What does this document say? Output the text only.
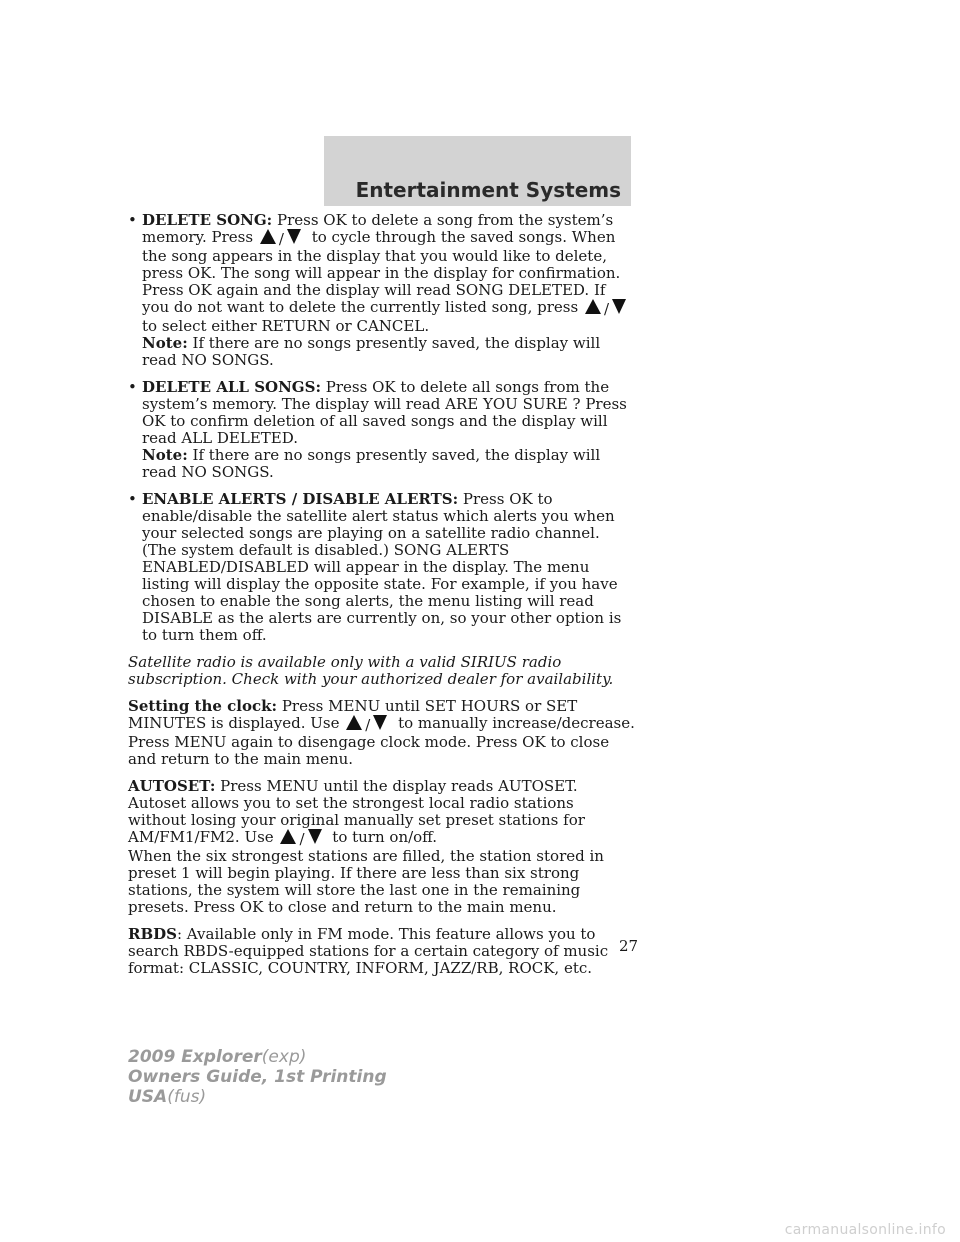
Entertainment Systems
• DELETE SONG: Press OK to delete a song from the system’s memory. Press / to cycle through the saved songs. When the song appears in the display that you would like to delete, press OK. The song will appear in the display for confirmation. Press OK again and the display will read SONG DELETED. If you do not want to delete the currently listed song, press / to select either RETURN or CANCEL.
Note: If there are no songs presently saved, the display will read NO SONGS.
• DELETE ALL SONGS: Press OK to delete all songs from the system’s memory. The display will read ARE YOU SURE ? Press OK to confirm deletion of all saved songs and the display will read ALL DELETED.
Note: If there are no songs presently saved, the display will read NO SONGS.
• ENABLE ALERTS / DISABLE ALERTS: Press OK to enable/disable the satellite alert status which alerts you when your selected songs are playing on a satellite radio channel. (The system default is disabled.) SONG ALERTS ENABLED/DISABLED will appear in the display. The menu listing will display the opposite state. For example, if you have chosen to enable the song alerts, the menu listing will read DISABLE as the alerts are currently on, so your other option is to turn them off.
Satellite radio is available only with a valid SIRIUS radio subscription. Check with your authorized dealer for availability.
Setting the clock: Press MENU until SET HOURS or SET MINUTES is displayed. Use / to manually increase/decrease. Press MENU again to disengage clock mode. Press OK to close and return to the main menu.
AUTOSET: Press MENU until the display reads AUTOSET. Autoset allows you to set the strongest local radio stations without losing your original manually set preset stations for AM/FM1/FM2. Use / to turn on/off.
When the six strongest stations are filled, the station stored in preset 1 will begin playing. If there are less than six strong stations, the system will store the last one in the remaining presets. Press OK to close and return to the main menu.
RBDS: Available only in FM mode. This feature allows you to search RBDS-equipped stations for a certain category of music format: CLASSIC, COUNTRY, INFORM, JAZZ/RB, ROCK, etc.
27
2009 Explorer(exp)
Owners Guide, 1st Printing
USA(fus)
carmanualsonline.info
